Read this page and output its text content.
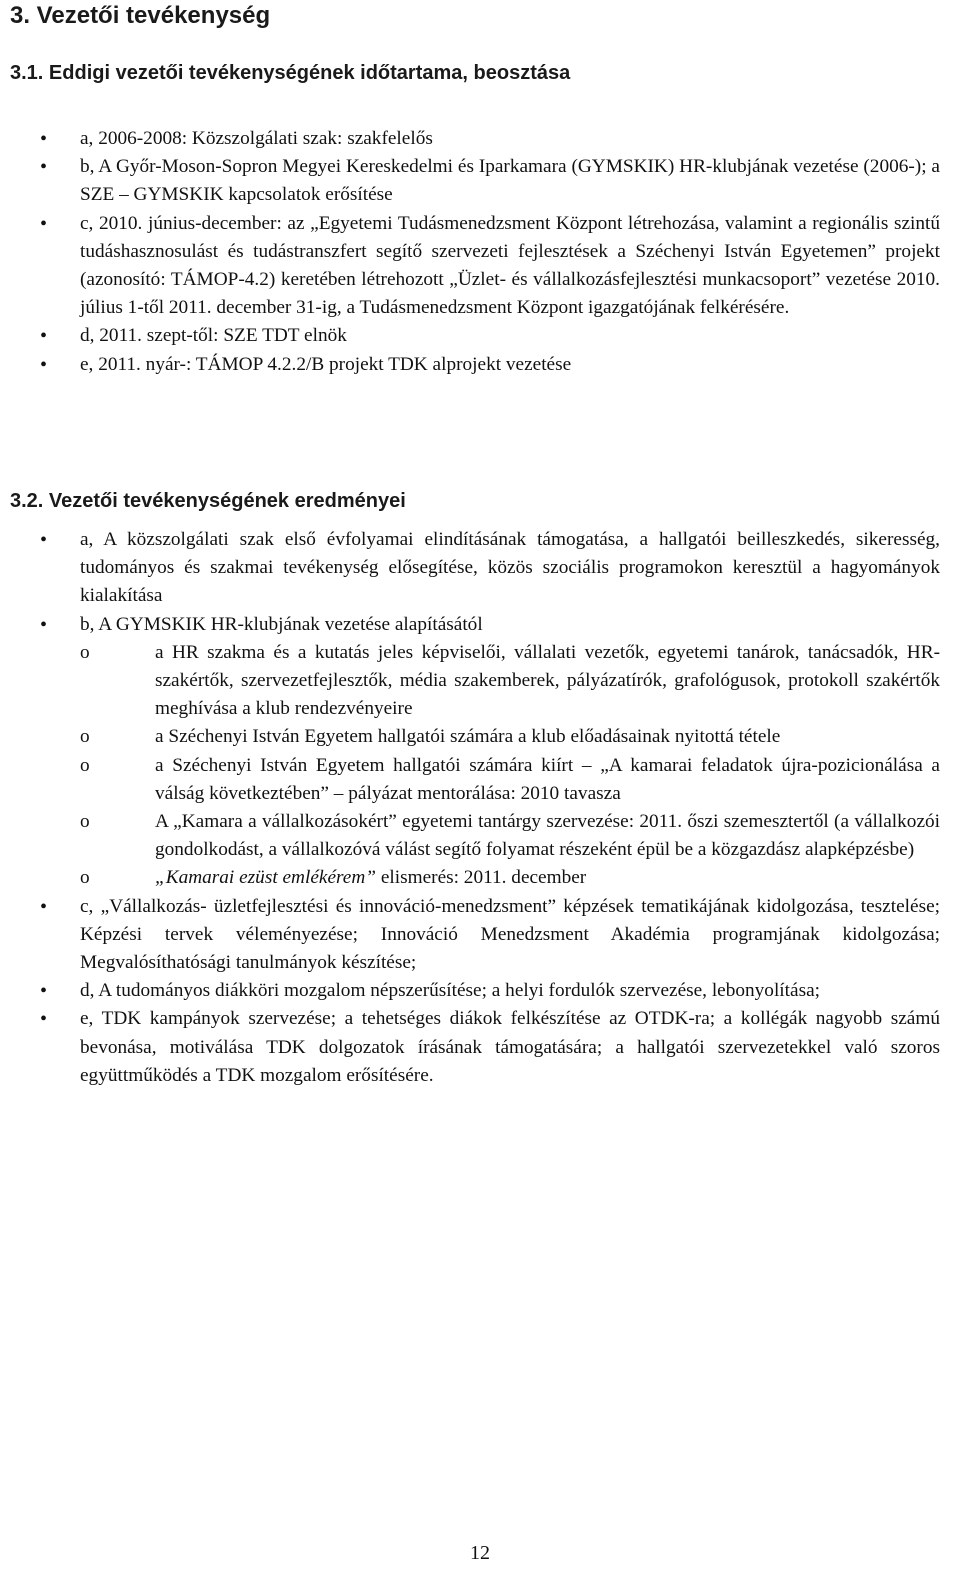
3. Vezetői tevékenység
3.1. Eddigi vezetői tevékenységének időtartama, beosztása
• a, 2006-2008: Közszolgálati szak: szakfelelős
• b, A Győr-Moson-Sopron Megyei Kereskedelmi és Iparkamara (GYMSKIK) HR-klubjának vezetése (2006-); a SZE – GYMSKIK kapcsolatok erősítése
• c, 2010. június-december: az „Egyetemi Tudásmenedzsment Központ létrehozása, valamint a regionális szintű tudáshasznosulást és tudástranszfert segítő szervezeti fejlesztések a Széchenyi István Egyetemen” projekt (azonosító: TÁMOP-4.2) keretében létrehozott „Üzlet- és vállalkozásfejlesztési munkacsoport” vezetése 2010. július 1-től 2011. december 31-ig, a Tudásmenedzsment Központ igazgatójának felkérésére.
• d, 2011. szept-től: SZE TDT elnök
• e, 2011. nyár-: TÁMOP 4.2.2/B projekt TDK alprojekt vezetése
3.2. Vezetői tevékenységének eredményei
• a, A közszolgálati szak első évfolyamai elindításának támogatása, a hallgatói beilleszkedés, sikeresség, tudományos és szakmai tevékenység elősegítése, közös szociális programokon keresztül a hagyományok kialakítása
• b, A GYMSKIK HR-klubjának vezetése alapításától
o	a HR szakma és a kutatás jeles képviselői, vállalati vezetők, egyetemi tanárok, tanácsadók, HR-szakértők, szervezetfejlesztők, média szakemberek, pályázatírók, grafológusok, protokoll szakértők meghívása a klub rendezvényeire
o	a Széchenyi István Egyetem hallgatói számára a klub előadásainak nyitottá tétele
o	a Széchenyi István Egyetem hallgatói számára kiírt – „A kamarai feladatok újra-pozicionálása a válság következtében” – pályázat mentorálása: 2010 tavasza
o	A „Kamara a vállalkozásokért” egyetemi tantárgy szervezése: 2011. őszi szemesztertől (a vállalkozói gondolkodást, a vállalkozóvá válást segítő folyamat részeként épül be a közgazdász alapképzésbe)
o	„Kamarai ezüst emlékérem” elismerés: 2011. december
• c, „Vállalkozás- üzletfejlesztési és innováció-menedzsment” képzések tematikájának kidolgozása, tesztelése; Képzési tervek véleményezése; Innováció Menedzsment Akadémia programjának kidolgozása; Megvalósíthatósági tanulmányok készítése;
• d, A tudományos diákköri mozgalom népszerűsítése; a helyi fordulók szervezése, lebonyolítása;
• e, TDK kampányok szervezése; a tehetséges diákok felkészítése az OTDK-ra; a kollégák nagyobb számú bevonása, motiválása TDK dolgozatok írásának támogatására; a hallgatói szervezetekkel való szoros együttműködés a TDK mozgalom erősítésére.
12
